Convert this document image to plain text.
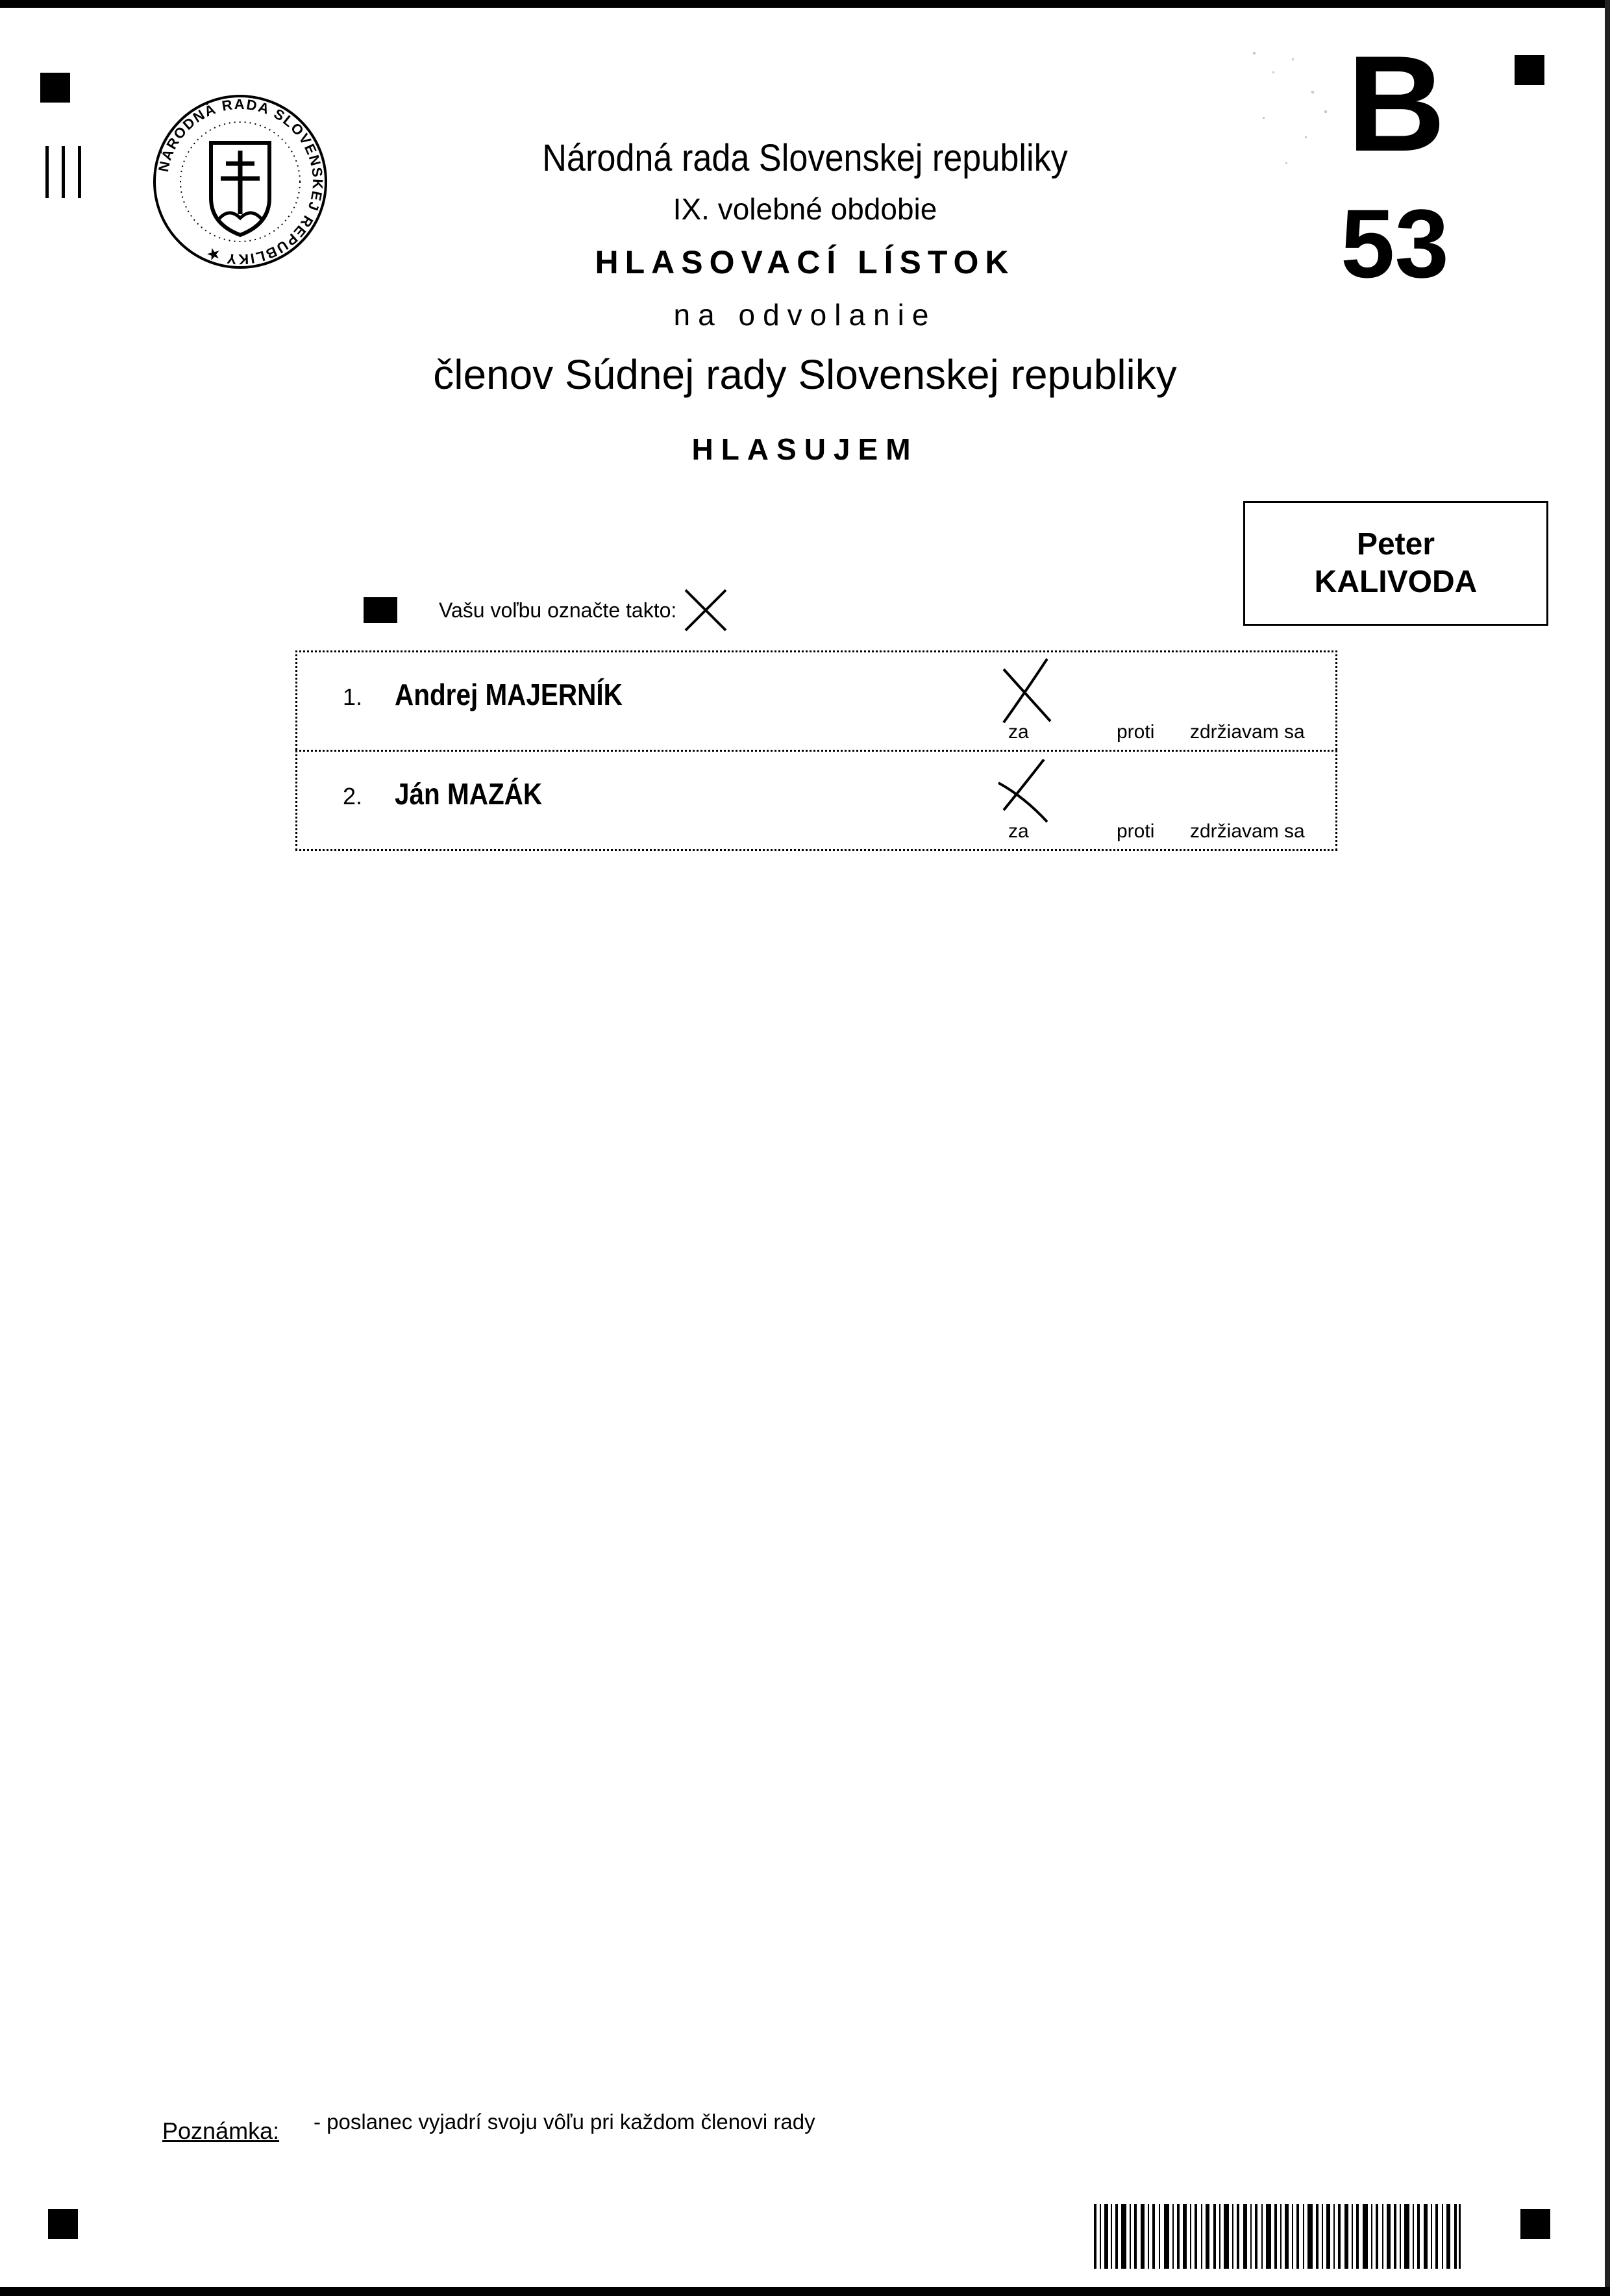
NÁRODNÁ RADA SLOVENSKEJ REPUBLIKY ★
Národná rada Slovenskej republiky
IX. volebné obdobie
HLASOVACÍ LÍSTOK
na odvolanie
členov Súdnej rady Slovenskej republiky
HLASUJEM
B
53
Peter
KALIVODA
Vašu voľbu označte takto:
1. Andrej MAJERNÍK
za	proti zdržiavam sa
2. Ján MAZÁK
za	proti zdržiavam sa
Poznámka: - poslanec vyjadrí svoju vôľu pri každom členovi rady
